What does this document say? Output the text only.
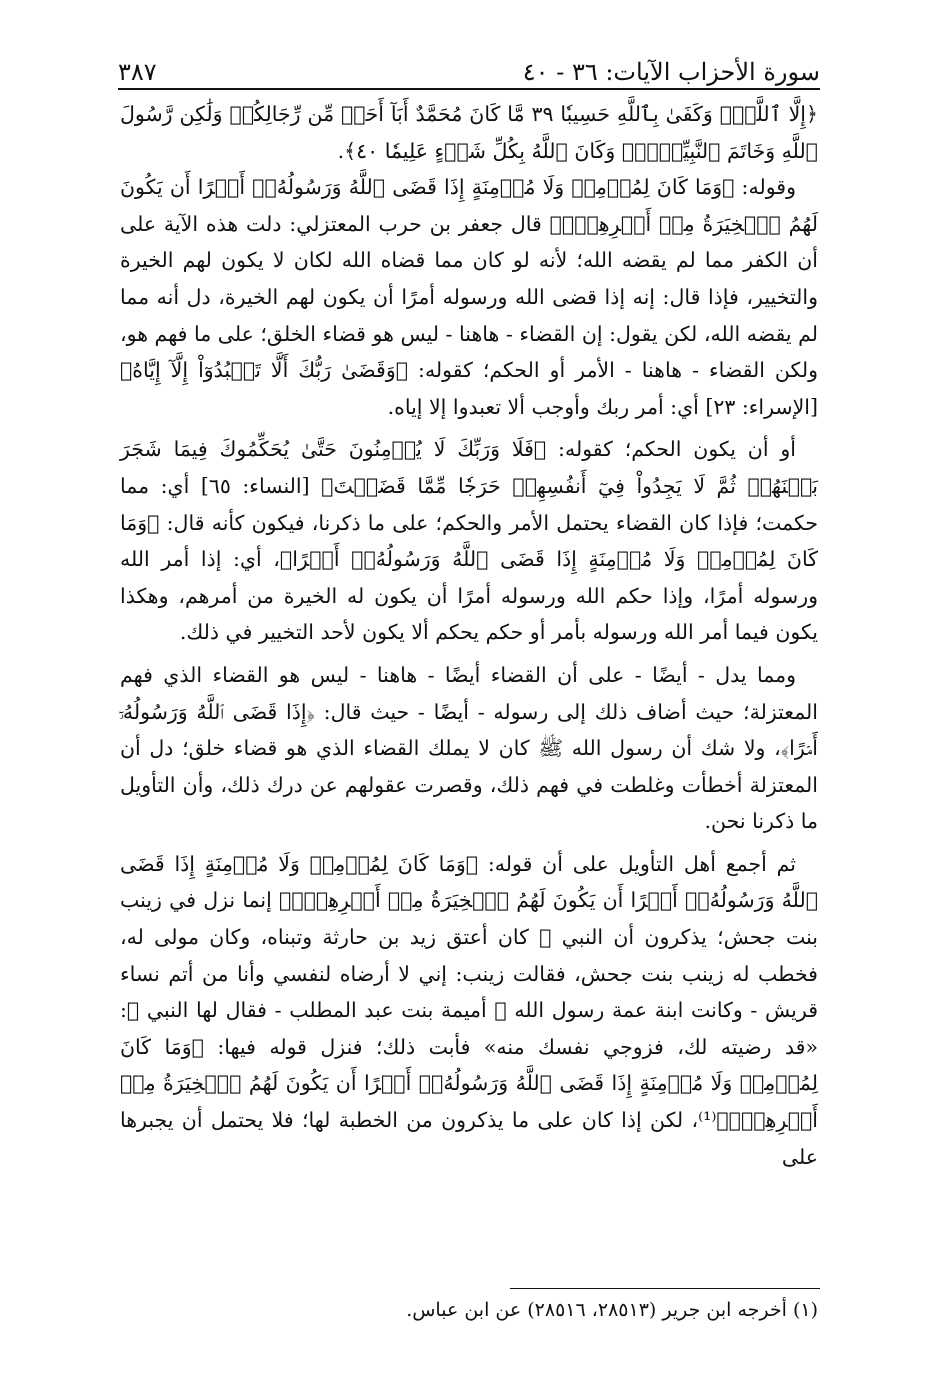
٣٨٧	سورة الأحزاب الآيات: ٣٦ - ٤٠

﴿إِلَّا ٱللَّهَۗ وَكَفَىٰ بِٱللَّهِ حَسِيبٗا ٣٩ مَّا كَانَ مُحَمَّدٌ أَبَآ أَحَدٖ مِّن رِّجَالِكُمۡ وَلَٰكِن رَّسُولَ ٱللَّهِ وَخَاتَمَ ٱلنَّبِيِّـۧنَۗ وَكَانَ ٱللَّهُ بِكُلِّ شَيۡءٍ عَلِيمٗا ٤٠﴾.

وقوله: ﴿وَمَا كَانَ لِمُؤۡمِنٖ وَلَا مُؤۡمِنَةٍ إِذَا قَضَى ٱللَّهُ وَرَسُولُهُۥٓ أَمۡرًا أَن يَكُونَ لَهُمُ ٱلۡخِيَرَةُ مِنۡ أَمۡرِهِمۡۗ﴾ قال جعفر بن حرب المعتزلي: دلت هذه الآية على أن الكفر مما لم يقضه الله؛ لأنه لو كان مما قضاه الله لكان لا يكون لهم الخيرة والتخيير، فإذا قال: إنه إذا قضى الله ورسوله أمرًا أن يكون لهم الخيرة، دل أنه مما لم يقضه الله، لكن يقول: إن القضاء - هاهنا - ليس هو قضاء الخلق؛ على ما فهم هو، ولكن القضاء - هاهنا - الأمر أو الحكم؛ كقوله: ﴿وَقَضَىٰ رَبُّكَ أَلَّا تَعۡبُدُوٓاْ إِلَّآ إِيَّاهُ﴾ [الإسراء: ٢٣] أي: أمر ربك وأوجب ألا تعبدوا إلا إياه.

أو أن يكون الحكم؛ كقوله: ﴿فَلَا وَرَبِّكَ لَا يُؤۡمِنُونَ حَتَّىٰ يُحَكِّمُوكَ فِيمَا شَجَرَ بَيۡنَهُمۡ ثُمَّ لَا يَجِدُواْ فِيٓ أَنفُسِهِمۡ حَرَجٗا مِّمَّا قَضَيۡتَ﴾ [النساء: ٦٥] أي: مما حكمت؛ فإذا كان القضاء يحتمل الأمر والحكم؛ على ما ذكرنا، فيكون كأنه قال: ﴿وَمَا كَانَ لِمُؤۡمِنٖ وَلَا مُؤۡمِنَةٍ إِذَا قَضَى ٱللَّهُ وَرَسُولُهُۥٓ أَمۡرًا﴾، أي: إذا أمر الله ورسوله أمرًا، وإذا حكم الله ورسوله أمرًا أن يكون له الخيرة من أمرهم، وهكذا يكون فيما أمر الله ورسوله بأمر أو حكم يحكم ألا يكون لأحد التخيير في ذلك.

ومما يدل - أيضًا - على أن القضاء أيضًا - هاهنا - ليس هو القضاء الذي فهم المعتزلة؛ حيث أضاف ذلك إلى رسوله - أيضًا - حيث قال: ﴿إِذَا قَضَى ٱللَّهُ وَرَسُولُهُۥٓ أَمۡرًا﴾، ولا شك أن رسول الله ﷺ كان لا يملك القضاء الذي هو قضاء خلق؛ دل أن المعتزلة أخطأت وغلطت في فهم ذلك، وقصرت عقولهم عن درك ذلك، وأن التأويل ما ذكرنا نحن.

ثم أجمع أهل التأويل على أن قوله: ﴿وَمَا كَانَ لِمُؤۡمِنٖ وَلَا مُؤۡمِنَةٍ إِذَا قَضَى ٱللَّهُ وَرَسُولُهُۥٓ أَمۡرًا أَن يَكُونَ لَهُمُ ٱلۡخِيَرَةُ مِنۡ أَمۡرِهِمۡۗ﴾ إنما نزل في زينب بنت جحش؛ يذكرون أن النبي ﷺ كان أعتق زيد بن حارثة وتبناه، وكان مولى له، فخطب له زينب بنت جحش، فقالت زينب: إني لا أرضاه لنفسي وأنا من أتم نساء قريش - وكانت ابنة عمة رسول الله ﷺ أميمة بنت عبد المطلب - فقال لها النبي ﷺ: «قد رضيته لك، فزوجي نفسك منه» فأبت ذلك؛ فنزل قوله فيها: ﴿وَمَا كَانَ لِمُؤۡمِنٖ وَلَا مُؤۡمِنَةٍ إِذَا قَضَى ٱللَّهُ وَرَسُولُهُۥٓ أَمۡرًا أَن يَكُونَ لَهُمُ ٱلۡخِيَرَةُ مِنۡ أَمۡرِهِمۡۗ﴾⁽¹⁾، لكن إذا كان على ما يذكرون من الخطبة لها؛ فلا يحتمل أن يجبرها على

(١) أخرجه ابن جرير (٢٨٥١٣، ٢٨٥١٦) عن ابن عباس.
